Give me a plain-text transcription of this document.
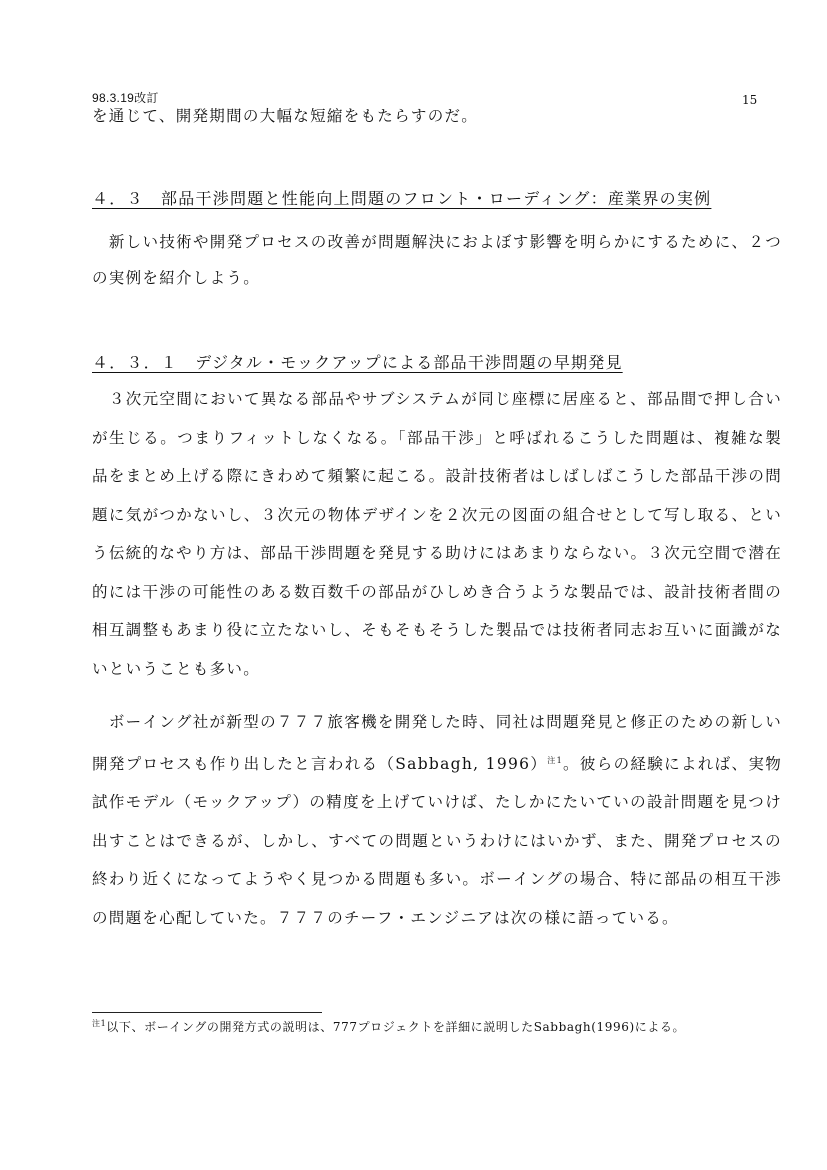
98.3.19改訂	15
を通じて、開発期間の大幅な短縮をもたらすのだ。
４．３　部品干渉問題と性能向上問題のフロント・ローディング：産業界の実例

　新しい技術や開発プロセスの改善が問題解決におよぼす影響を明らかにするために、２つの実例を紹介しよう。

４．３．１　デジタル・モックアップによる部品干渉問題の早期発見

　３次元空間において異なる部品やサブシステムが同じ座標に居座ると、部品間で押し合いが生じる。つまりフィットしなくなる。「部品干渉」と呼ばれるこうした問題は、複雑な製品をまとめ上げる際にきわめて頻繁に起こる。設計技術者はしばしばこうした部品干渉の問題に気がつかないし、３次元の物体デザインを２次元の図面の組合せとして写し取る、という伝統的なやり方は、部品干渉問題を発見する助けにはあまりならない。３次元空間で潜在的には干渉の可能性のある数百数千の部品がひしめき合うような製品では、設計技術者間の相互調整もあまり役に立たないし、そもそもそうした製品では技術者同志お互いに面識がないということも多い。

　ボーイング社が新型の７７７旅客機を開発した時、同社は問題発見と修正のための新しい開発プロセスも作り出したと言われる（Sabbagh, 1996）$^{注1}$。彼らの経験によれば、実物試作モデル（モックアップ）の精度を上げていけば、たしかにたいていの設計問題を見つけ出すことはできるが、しかし、すべての問題というわけにはいかず、また、開発プロセスの終わり近くになってようやく見つかる問題も多い。ボーイングの場合、特に部品の相互干渉の問題を心配していた。７７７のチーフ・エンジニアは次の様に語っている。

$^{注1}$以下、ボーイングの開発方式の説明は、777プロジェクトを詳細に説明したSabbagh(1996)による。
